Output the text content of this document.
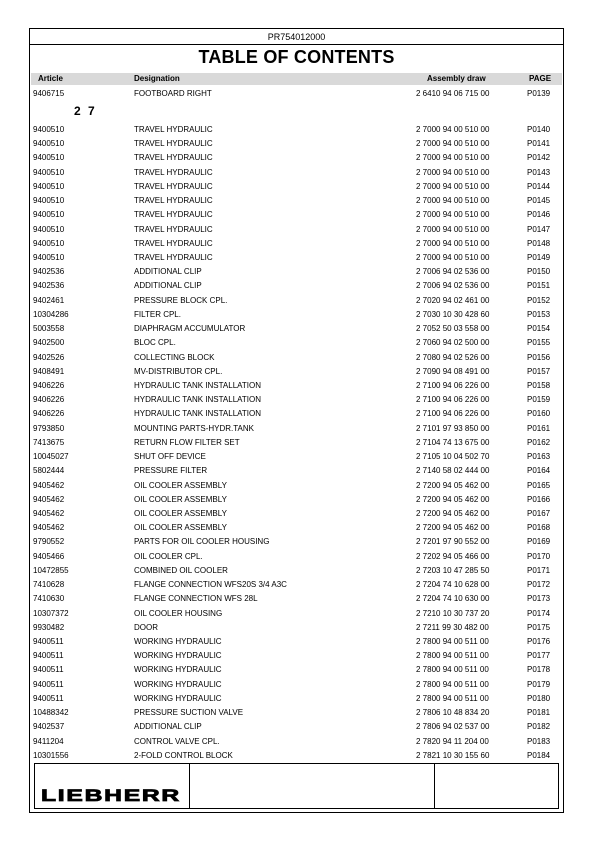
PR754012000
TABLE OF CONTENTS
Article	Designation	Assembly draw	PAGE
9406715	FOOTBOARD RIGHT	2 6410 94 06 715 00	P0139
2 7
9400510	TRAVEL HYDRAULIC	2 7000 94 00 510 00	P0140
9400510	TRAVEL HYDRAULIC	2 7000 94 00 510 00	P0141
9400510	TRAVEL HYDRAULIC	2 7000 94 00 510 00	P0142
9400510	TRAVEL HYDRAULIC	2 7000 94 00 510 00	P0143
9400510	TRAVEL HYDRAULIC	2 7000 94 00 510 00	P0144
9400510	TRAVEL HYDRAULIC	2 7000 94 00 510 00	P0145
9400510	TRAVEL HYDRAULIC	2 7000 94 00 510 00	P0146
9400510	TRAVEL HYDRAULIC	2 7000 94 00 510 00	P0147
9400510	TRAVEL HYDRAULIC	2 7000 94 00 510 00	P0148
9400510	TRAVEL HYDRAULIC	2 7000 94 00 510 00	P0149
9402536	ADDITIONAL CLIP	2 7006 94 02 536 00	P0150
9402536	ADDITIONAL CLIP	2 7006 94 02 536 00	P0151
9402461	PRESSURE BLOCK CPL.	2 7020 94 02 461 00	P0152
10304286	FILTER CPL.	2 7030 10 30 428 60	P0153
5003558	DIAPHRAGM ACCUMULATOR	2 7052 50 03 558 00	P0154
9402500	BLOC CPL.	2 7060 94 02 500 00	P0155
9402526	COLLECTING BLOCK	2 7080 94 02 526 00	P0156
9408491	MV-DISTRIBUTOR CPL.	2 7090 94 08 491 00	P0157
9406226	HYDRAULIC TANK INSTALLATION	2 7100 94 06 226 00	P0158
9406226	HYDRAULIC TANK INSTALLATION	2 7100 94 06 226 00	P0159
9406226	HYDRAULIC TANK INSTALLATION	2 7100 94 06 226 00	P0160
9793850	MOUNTING PARTS-HYDR.TANK	2 7101 97 93 850 00	P0161
7413675	RETURN FLOW FILTER SET	2 7104 74 13 675 00	P0162
10045027	SHUT OFF DEVICE	2 7105 10 04 502 70	P0163
5802444	PRESSURE FILTER	2 7140 58 02 444 00	P0164
9405462	OIL COOLER ASSEMBLY	2 7200 94 05 462 00	P0165
9405462	OIL COOLER ASSEMBLY	2 7200 94 05 462 00	P0166
9405462	OIL COOLER ASSEMBLY	2 7200 94 05 462 00	P0167
9405462	OIL COOLER ASSEMBLY	2 7200 94 05 462 00	P0168
9790552	PARTS FOR OIL COOLER HOUSING	2 7201 97 90 552 00	P0169
9405466	OIL COOLER CPL.	2 7202 94 05 466 00	P0170
10472855	COMBINED OIL COOLER	2 7203 10 47 285 50	P0171
7410628	FLANGE CONNECTION WFS20S 3/4 A3C	2 7204 74 10 628 00	P0172
7410630	FLANGE CONNECTION WFS 28L	2 7204 74 10 630 00	P0173
10307372	OIL COOLER HOUSING	2 7210 10 30 737 20	P0174
9930482	DOOR	2 7211 99 30 482 00	P0175
9400511	WORKING HYDRAULIC	2 7800 94 00 511 00	P0176
9400511	WORKING HYDRAULIC	2 7800 94 00 511 00	P0177
9400511	WORKING HYDRAULIC	2 7800 94 00 511 00	P0178
9400511	WORKING HYDRAULIC	2 7800 94 00 511 00	P0179
9400511	WORKING HYDRAULIC	2 7800 94 00 511 00	P0180
10488342	PRESSURE SUCTION VALVE	2 7806 10 48 834 20	P0181
9402537	ADDITIONAL CLIP	2 7806 94 02 537 00	P0182
9411204	CONTROL VALVE CPL.	2 7820 94 11 204 00	P0183
10301556	2-FOLD CONTROL BLOCK	2 7821 10 30 155 60	P0184
LIEBHERR
